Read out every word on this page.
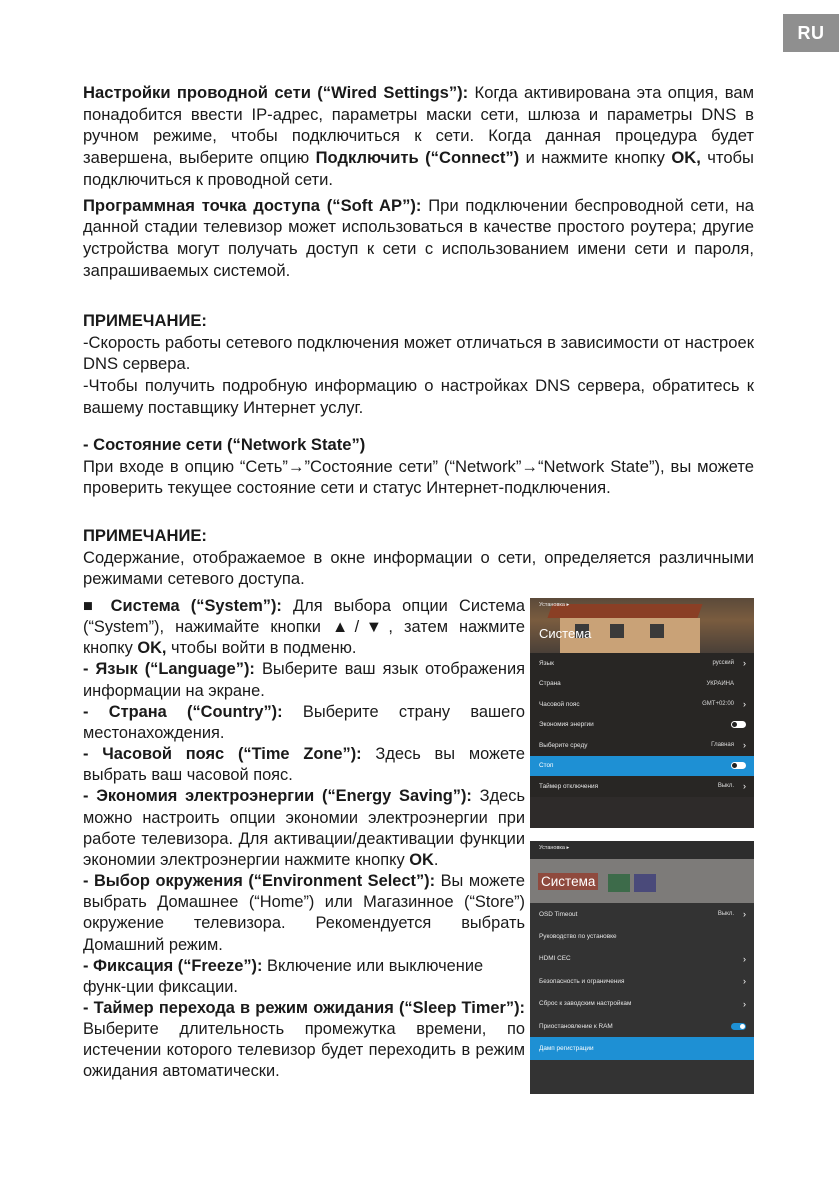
RU

Настройки проводной сети (“Wired Settings”): Когда активирована эта опция, вам понадобится ввести IP-адрес, параметры маски сети, шлюза и параметры DNS в ручном режиме, чтобы подключиться к сети. Когда данная процедура будет завершена, выберите опцию Подключить (“Connect”) и нажмите кнопку OK, чтобы подключиться к проводной сети.

Программная точка доступа (“Soft AP”): При подключении беспроводной сети, на данной стадии телевизор может использоваться в качестве простого роутера; другие устройства могут получать доступ к сети с использованием имени сети и пароля, запрашиваемых системой.

ПРИМЕЧАНИЕ:

-Скорость работы сетевого подключения может отличаться в зависимости от настроек DNS сервера.

-Чтобы получить подробную информацию о настройках DNS сервера, обратитесь к вашему поставщику Интернет услуг.

- Состояние сети (“Network State”)

При входе в опцию “Сеть”→”Состояние сети” (“Network”→“Network State”), вы можете проверить текущее состояние сети и статус Интернет-подключения.

ПРИМЕЧАНИЕ:

Содержание, отображаемое в окне информации о сети, определяется различными режимами сетевого доступа.

■ Система (“System”): Для выбора опции Система (“System”), нажимайте кнопки ▲/▼, затем нажмите кнопку OK, чтобы войти в подменю.

- Язык (“Language”): Выберите ваш язык отображения информации на экране.

- Страна (“Country”): Выберите страну вашего местонахождения.

- Часовой пояс (“Time Zone”): Здесь вы можете выбрать ваш часовой пояс.

- Экономия электроэнергии (“Energy Saving”): Здесь можно настроить опции экономии электроэнергии при работе телевизора. Для активации/деактивации функции экономии электроэнергии нажмите кнопку OK.

- Выбор окружения (“Environment Select”): Вы можете выбрать Домашнее (“Home”) или Магазинное (“Store”) окружение телевизора. Рекомендуется выбрать Домашний режим.

- Фиксация (“Freeze”): Включение или выключение функ-ции фиксации.

- Таймер перехода в режим ожидания (“Sleep Timer”): Выберите длительность промежутка времени, по истечении которого телевизор будет переходить в режим ожидания автоматически.

Установка ▸
Система
Язык	русский	›
Страна	УКРАИНА
Часовой пояс	GMT+02:00	›
Экономия энергии
Выберите среду	Главная	›
Стоп
Таймер отключения	Выкл.	›
Установка ▸
Система
OSD Timeout	Выкл.	›
Руководство по установке
HDMI CEC	›
Безопасность и ограничения	›
Сброс к заводским настройкам	›
Приостановление к RAM
Дамп регистрации
